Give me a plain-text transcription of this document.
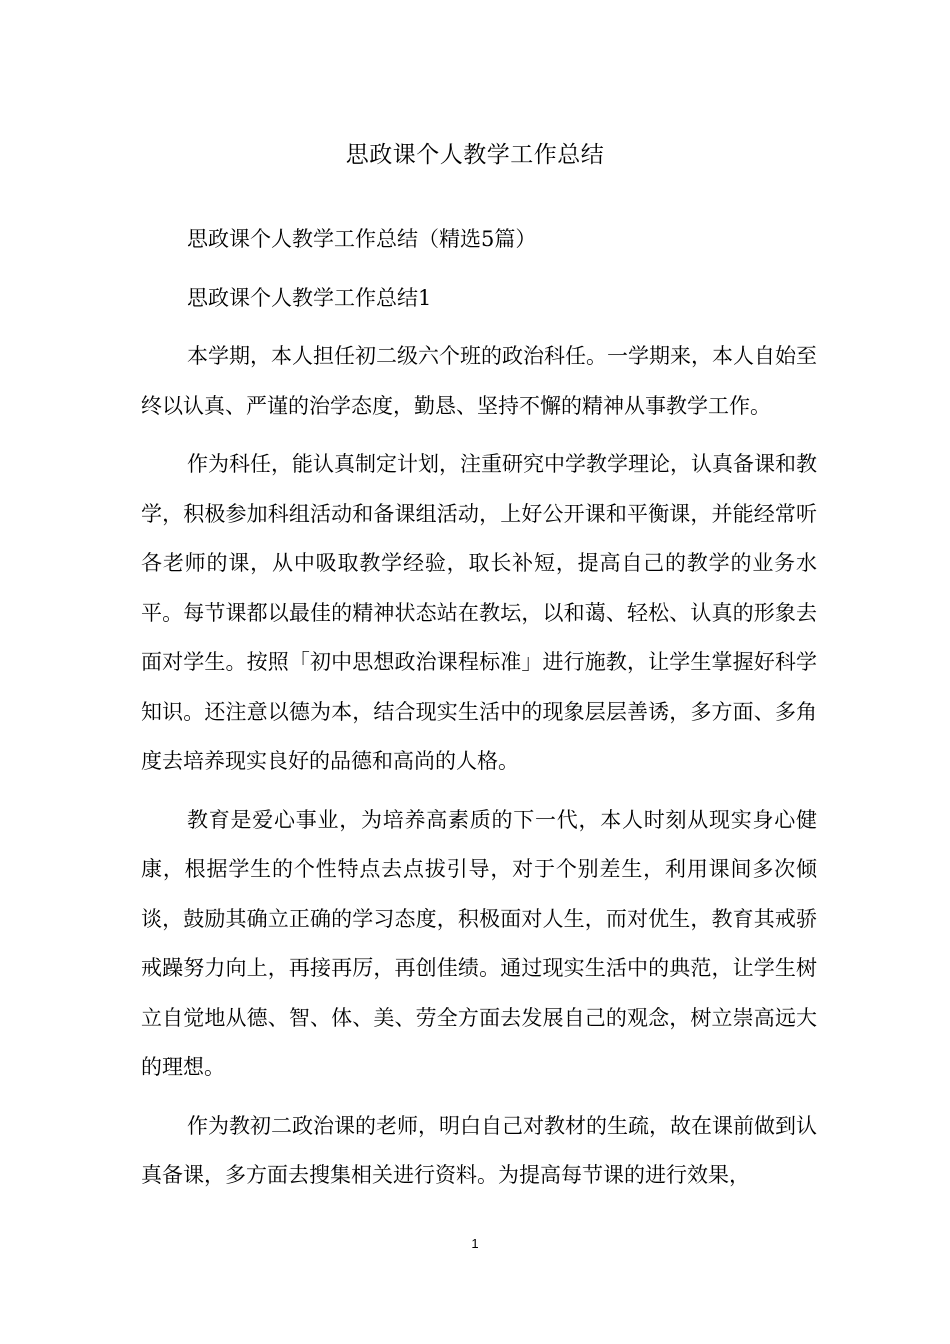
思政课个人教学工作总结

思政课个人教学工作总结（精选5篇）

思政课个人教学工作总结1

本学期，本人担任初二级六个班的政治科任。一学期来，本人自始至终以认真、严谨的治学态度，勤恳、坚持不懈的精神从事教学工作。

作为科任，能认真制定计划，注重研究中学教学理论，认真备课和教学，积极参加科组活动和备课组活动，上好公开课和平衡课，并能经常听各老师的课，从中吸取教学经验，取长补短，提高自己的教学的业务水平。每节课都以最佳的精神状态站在教坛，以和蔼、轻松、认真的形象去面对学生。按照「初中思想政治课程标准」进行施教，让学生掌握好科学知识。还注意以德为本，结合现实生活中的现象层层善诱，多方面、多角度去培养现实良好的品德和高尚的人格。

教育是爱心事业，为培养高素质的下一代，本人时刻从现实身心健康，根据学生的个性特点去点拔引导，对于个别差生，利用课间多次倾谈，鼓励其确立正确的学习态度，积极面对人生，而对优生，教育其戒骄戒躁努力向上，再接再厉，再创佳绩。通过现实生活中的典范，让学生树立自觉地从德、智、体、美、劳全方面去发展自己的观念，树立崇高远大的理想。

作为教初二政治课的老师，明白自己对教材的生疏，故在课前做到认真备课，多方面去搜集相关进行资料。为提高每节课的进行效果，

1
